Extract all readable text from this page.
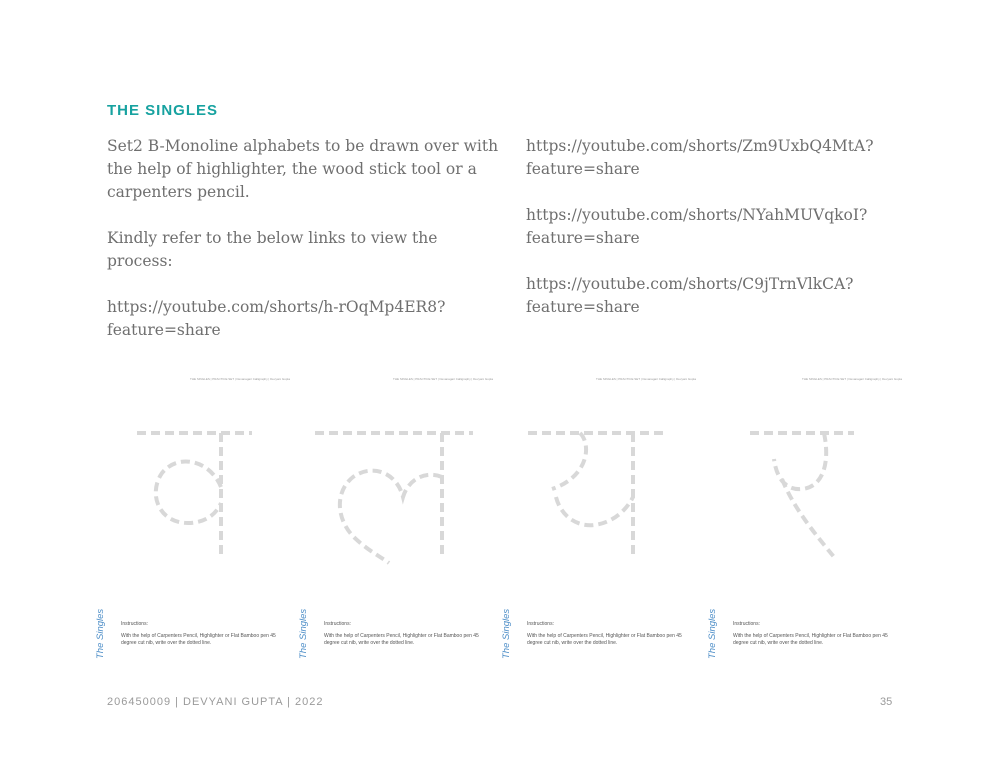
THE SINGLES

Set2 B-Monoline alphabets to be drawn over with the help of highlighter, the wood stick tool or a carpenters pencil.

Kindly refer to the below links to view the process:

https://youtube.com/shorts/h-rOqMp4ER8?feature=share

https://youtube.com/shorts/Zm9UxbQ4MtA?feature=share

https://youtube.com/shorts/NYahMUVqkoI?feature=share

https://youtube.com/shorts/C9jTrnVlkCA?feature=share

THE SINGLES | PRACTICE SET | Devanagari Calligraphy | Devyani Gupta
The Singles	Instructions:
With the help of Carpenters Pencil, Highlighter or Flat Bamboo pen 45 degree cut nib, write over the dotted line.
THE SINGLES | PRACTICE SET | Devanagari Calligraphy | Devyani Gupta
The Singles	Instructions:
With the help of Carpenters Pencil, Highlighter or Flat Bamboo pen 45 degree cut nib, write over the dotted line.
THE SINGLES | PRACTICE SET | Devanagari Calligraphy | Devyani Gupta
The Singles	Instructions:
With the help of Carpenters Pencil, Highlighter or Flat Bamboo pen 45 degree cut nib, write over the dotted line.
THE SINGLES | PRACTICE SET | Devanagari Calligraphy | Devyani Gupta
The Singles	Instructions:
With the help of Carpenters Pencil, Highlighter or Flat Bamboo pen 45 degree cut nib, write over the dotted line.
206450009 | DEVYANI GUPTA | 2022	35
